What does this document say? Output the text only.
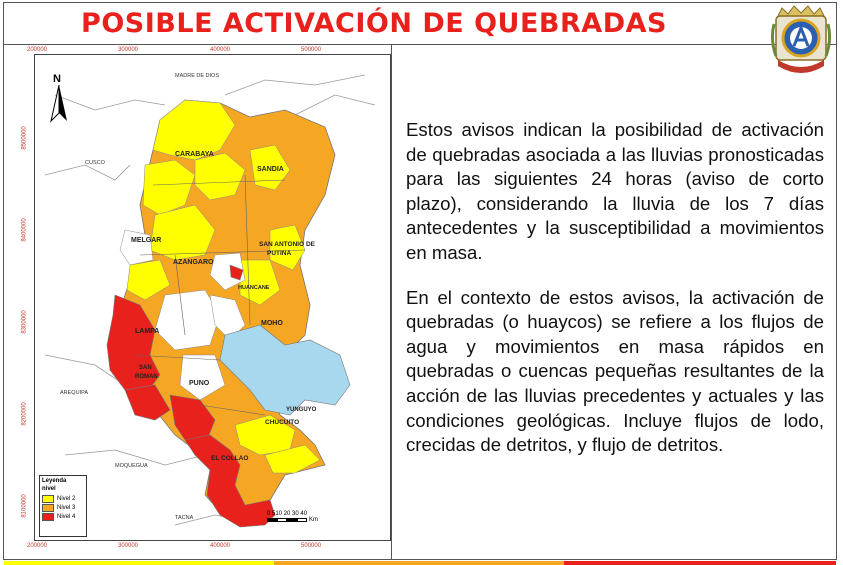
POSIBLE ACTIVACIÓN DE QUEBRADAS
200000	300000	400000	500000
200000	300000	400000	500000
8500000
8400000
8300000
8200000
8100000
N	MADRE DE DIOS
CUSCO
AREQUIPA
MOQUEGUA
TACNA
CARABAYA
SANDIA
MELGAR
AZANGARO
SAN ANTONIO DE
PUTINA
HUANCANE
MOHO
LAMPA
SAN
ROMAN
PUNO
YUNGUYO
CHUCUITO
EL COLLAO
Leyenda
nivel
Nivel 2
Nivel 3
Nivel 4	0 510 20 30 40
Km

Estos avisos indican la posibilidad de activación de quebradas asociada a las lluvias pronosticadas para las siguientes 24 horas (aviso de corto plazo), considerando la lluvia de los 7 días antecedentes y la susceptibilidad a movimientos en masa.

En el contexto de estos avisos, la activación de quebradas (o huaycos) se refiere a los flujos de agua y movimientos en masa rápidos en quebradas o cuencas pequeñas resultantes de la acción de las lluvias precedentes y actuales y las condiciones geológicas. Incluye flujos de lodo, crecidas de detritos, y flujo de detritos.
